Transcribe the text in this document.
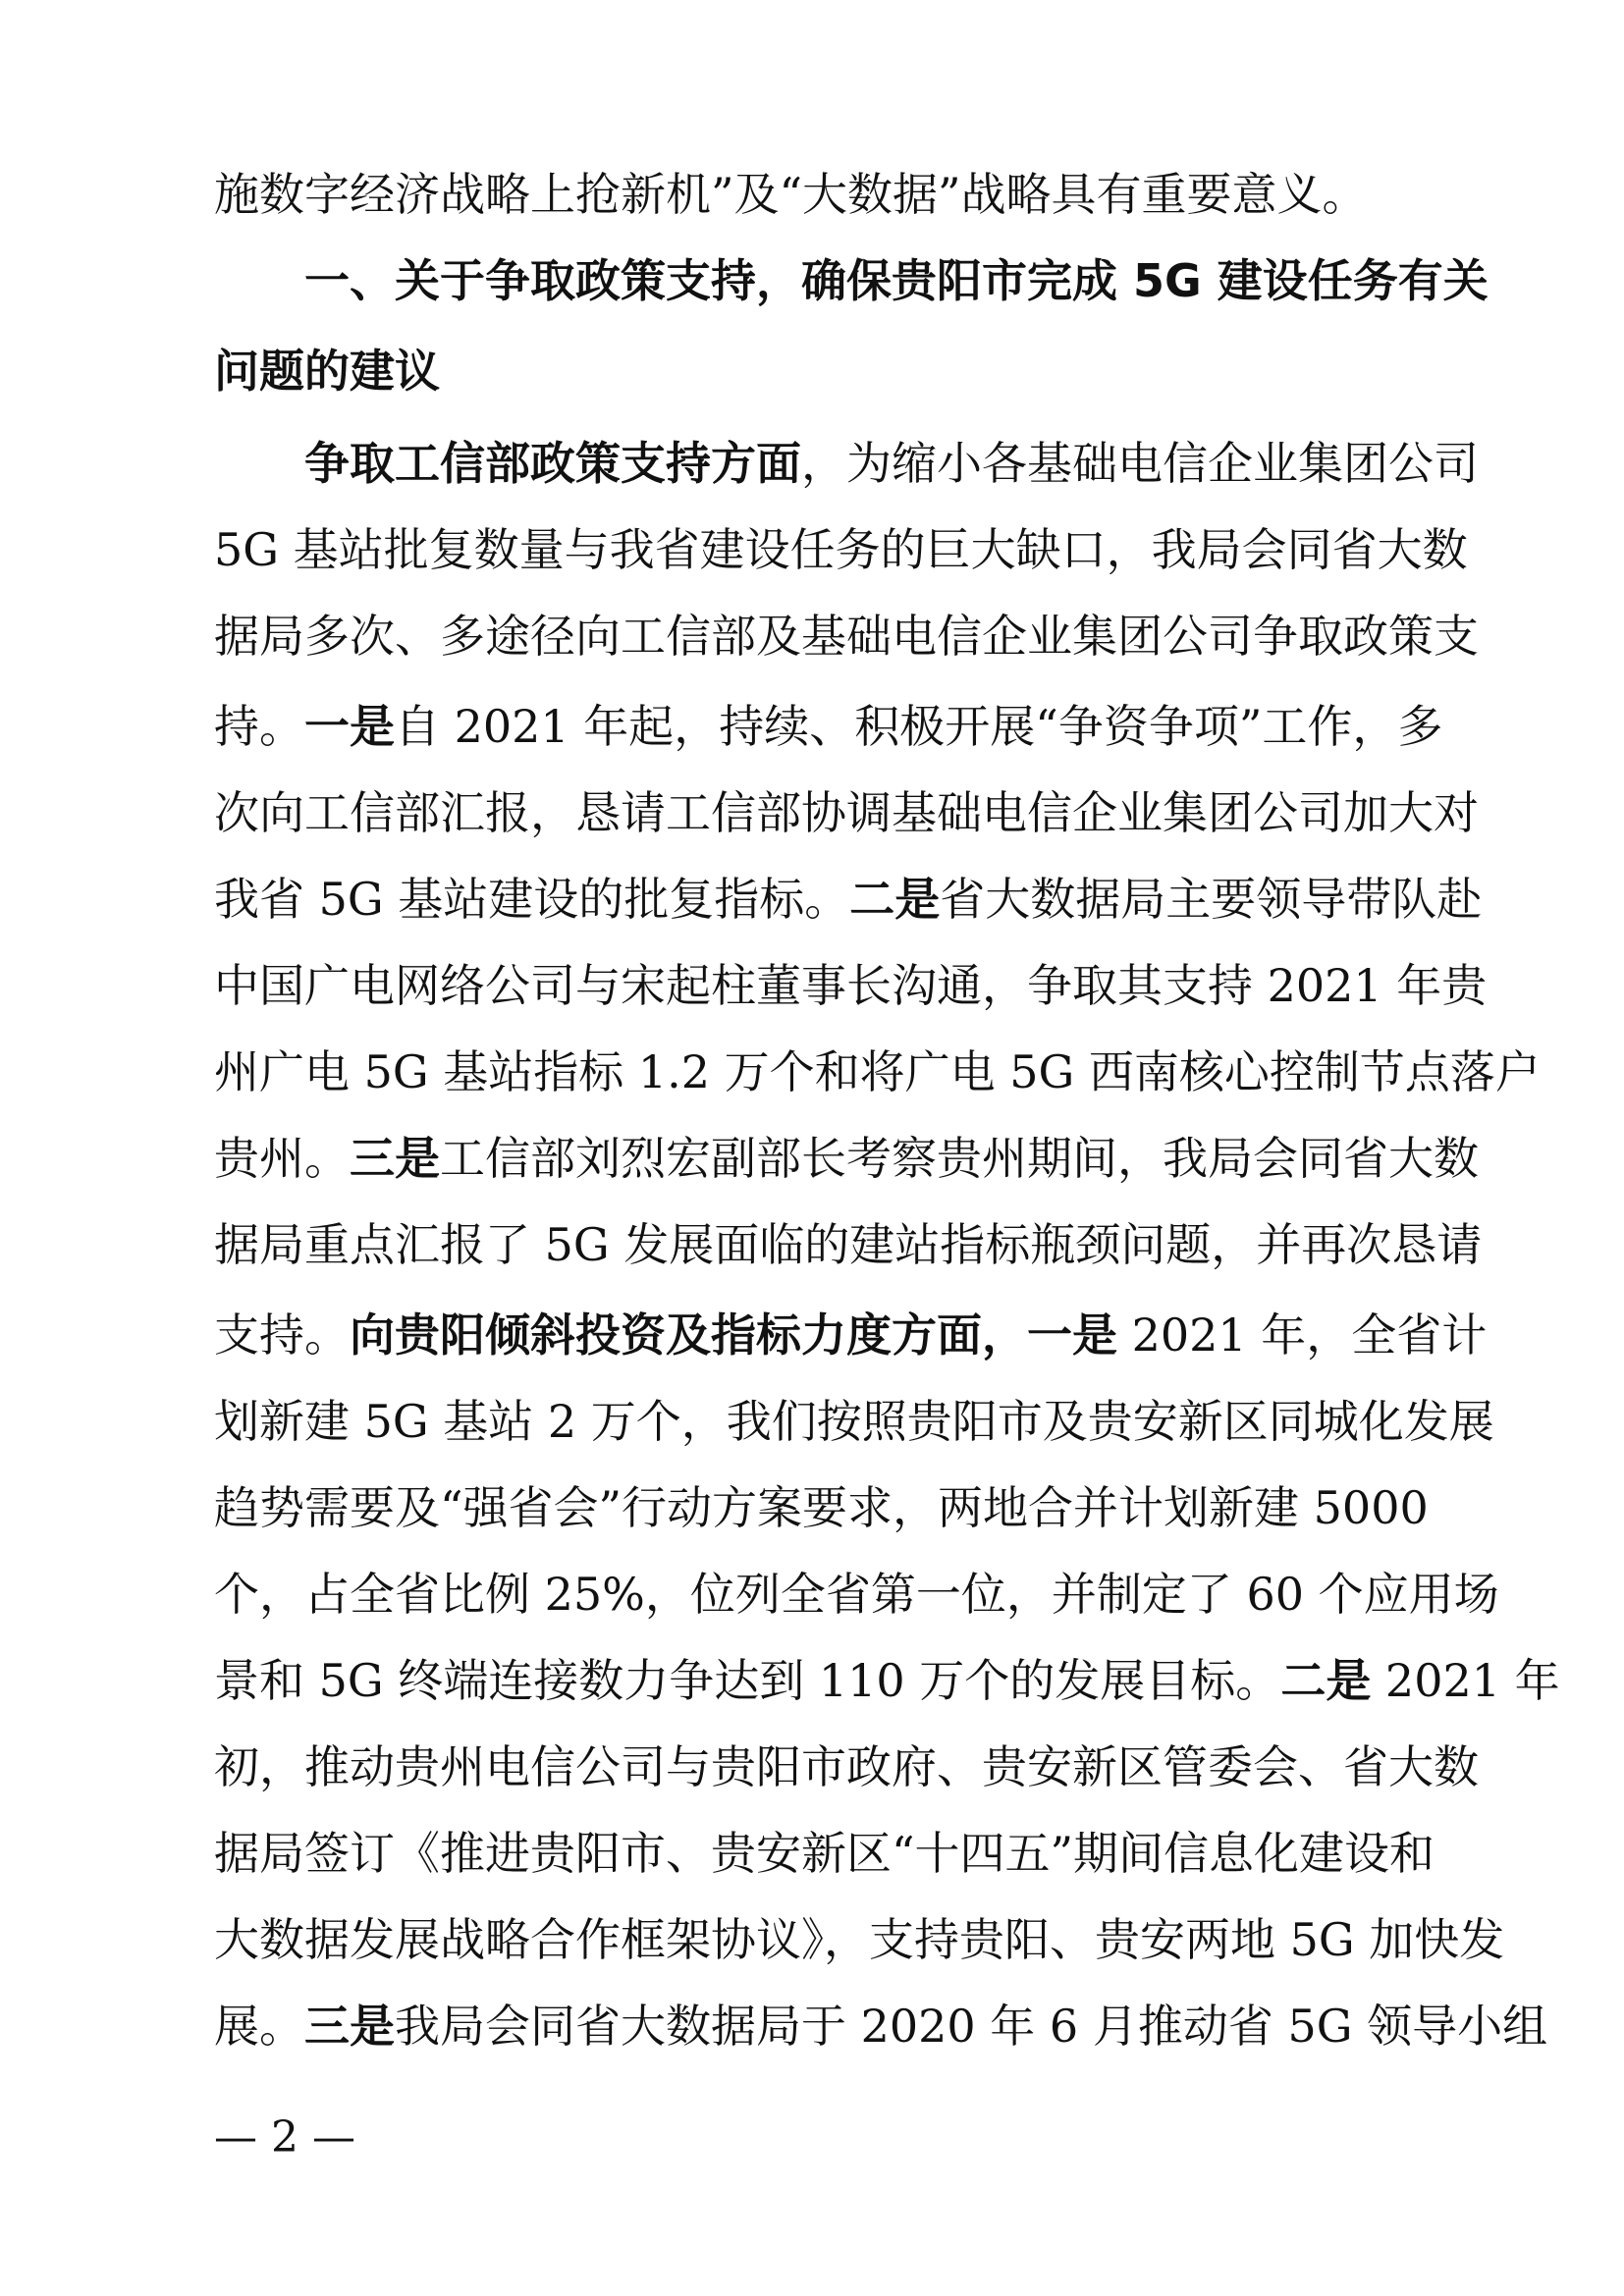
施数字经济战略上抢新机”及“大数据”战略具有重要意义。
一、关于争取政策支持，确保贵阳市完成 5G 建设任务有关
问题的建议
争取工信部政策支持方面，为缩小各基础电信企业集团公司
5G 基站批复数量与我省建设任务的巨大缺口，我局会同省大数
据局多次、多途径向工信部及基础电信企业集团公司争取政策支
持。一是自 2021 年起，持续、积极开展“争资争项”工作，多
次向工信部汇报，恳请工信部协调基础电信企业集团公司加大对
我省 5G 基站建设的批复指标。二是省大数据局主要领导带队赴
中国广电网络公司与宋起柱董事长沟通，争取其支持 2021 年贵
州广电 5G 基站指标 1.2 万个和将广电 5G 西南核心控制节点落户
贵州。三是工信部刘烈宏副部长考察贵州期间，我局会同省大数
据局重点汇报了 5G 发展面临的建站指标瓶颈问题，并再次恳请
支持。向贵阳倾斜投资及指标力度方面，一是 2021 年，全省计
划新建 5G 基站 2 万个，我们按照贵阳市及贵安新区同城化发展
趋势需要及“强省会”行动方案要求，两地合并计划新建 5000
个，占全省比例 25%，位列全省第一位，并制定了 60 个应用场
景和 5G 终端连接数力争达到 110 万个的发展目标。二是 2021 年
初，推动贵州电信公司与贵阳市政府、贵安新区管委会、省大数
据局签订《推进贵阳市、贵安新区“十四五”期间信息化建设和
大数据发展战略合作框架协议》，支持贵阳、贵安两地 5G 加快发
展。三是我局会同省大数据局于 2020 年 6 月推动省 5G 领导小组
— 2 —
